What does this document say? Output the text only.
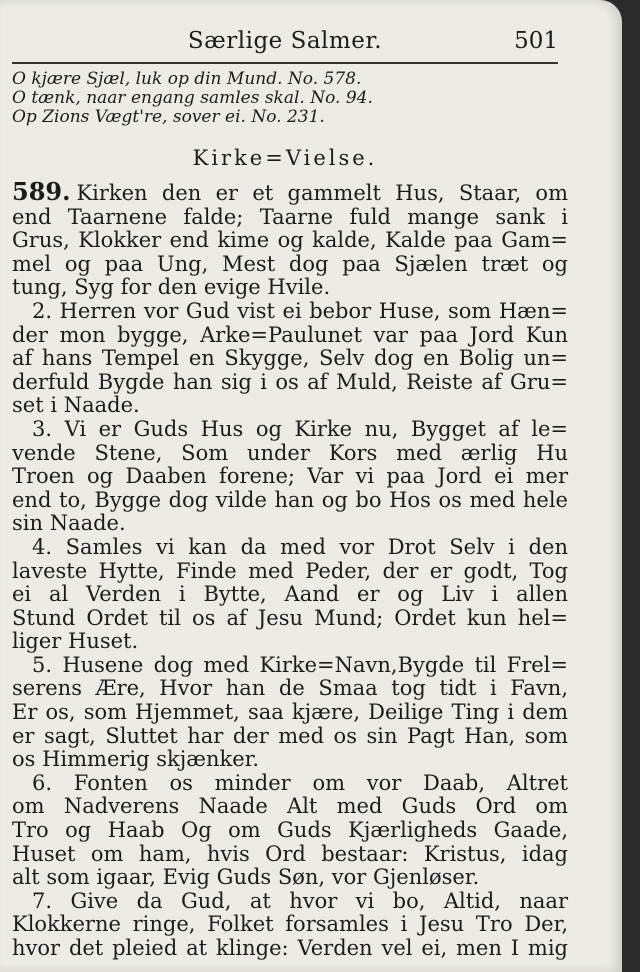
Særlige Salmer.	501
O kjære Sjæl, luk op din Mund. No. 578.
O tænk, naar engang samles skal. No. 94.
Op Zions Vægt're, sover ei. No. 231.
Kirke=Vielse.
589. Kirken den er et gammelt Hus, Staar, om
end Taarnene falde; Taarne fuld mange sank i
Grus, Klokker end kime og kalde, Kalde paa Gam=
mel og paa Ung, Mest dog paa Sjælen træt og
tung, Syg for den evige Hvile.
2. Herren vor Gud vist ei bebor Huse, som Hæn=
der mon bygge, Arke=Paulunet var paa Jord Kun
af hans Tempel en Skygge, Selv dog en Bolig un=
derfuld Bygde han sig i os af Muld, Reiste af Gru=
set i Naade.
3. Vi er Guds Hus og Kirke nu, Bygget af le=
vende Stene, Som under Kors med ærlig Hu
Troen og Daaben forene; Var vi paa Jord ei mer
end to, Bygge dog vilde han og bo Hos os med hele
sin Naade.
4. Samles vi kan da med vor Drot Selv i den
laveste Hytte, Finde med Peder, der er godt, Tog
ei al Verden i Bytte, Aand er og Liv i allen
Stund Ordet til os af Jesu Mund; Ordet kun hel=
liger Huset.
5. Husene dog med Kirke=Navn,Bygde til Frel=
serens Ære, Hvor han de Smaa tog tidt i Favn,
Er os, som Hjemmet, saa kjære, Deilige Ting i dem
er sagt, Sluttet har der med os sin Pagt Han, som
os Himmerig skjænker.
6. Fonten os minder om vor Daab, Altret
om Nadverens Naade Alt med Guds Ord om
Tro og Haab Og om Guds Kjærligheds Gaade,
Huset om ham, hvis Ord bestaar: Kristus, idag
alt som igaar, Evig Guds Søn, vor Gjenløser.
7. Give da Gud, at hvor vi bo, Altid, naar
Klokkerne ringe, Folket forsamles i Jesu Tro Der,
hvor det pleied at klinge: Verden vel ei, men I mig
